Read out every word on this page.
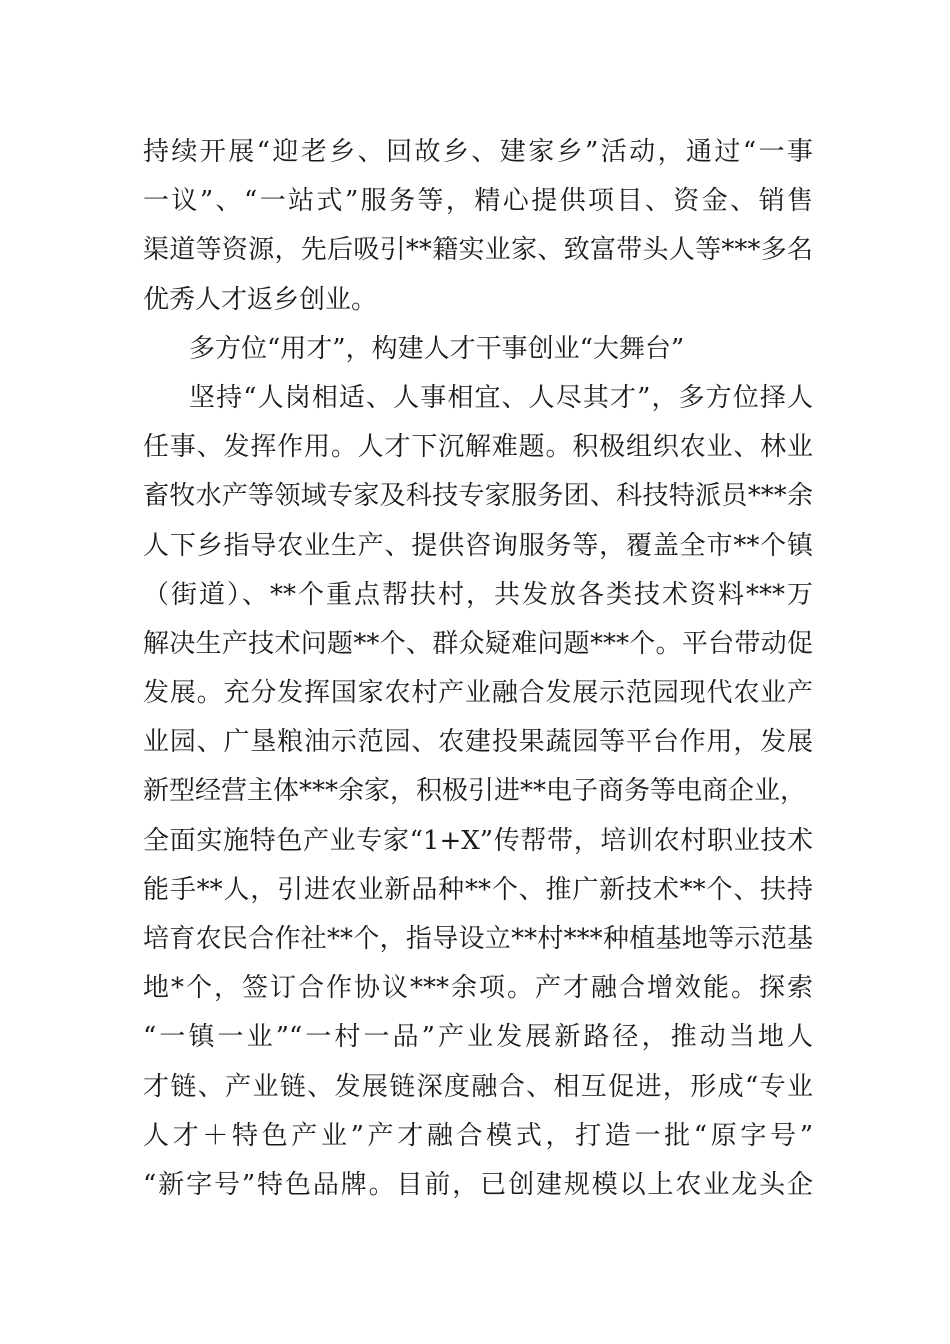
持续开展“迎老乡、回故乡、建家乡”活动，通过“一事
一议”、“一站式”服务等，精心提供项目、资金、销售
渠道等资源，先后吸引**籍实业家、致富带头人等***多名
优秀人才返乡创业。
多方位“用才”，构建人才干事创业“大舞台”
坚持“人岗相适、人事相宜、人尽其才”，多方位择人
任事、发挥作用。人才下沉解难题。积极组织农业、林业
畜牧水产等领域专家及科技专家服务团、科技特派员***余
人下乡指导农业生产、提供咨询服务等，覆盖全市**个镇
（街道）、**个重点帮扶村，共发放各类技术资料***万
解决生产技术问题**个、群众疑难问题***个。平台带动促
发展。充分发挥国家农村产业融合发展示范园现代农业产
业园、广垦粮油示范园、农建投果蔬园等平台作用，发展
新型经营主体***余家，积极引进**电子商务等电商企业，
全面实施特色产业专家“1+X”传帮带，培训农村职业技术
能手**人，引进农业新品种**个、推广新技术**个、扶持
培育农民合作社**个，指导设立**村***种植基地等示范基
地*个，签订合作协议***余项。产才融合增效能。探索
“一镇一业”“一村一品”产业发展新路径，推动当地人
才链、产业链、发展链深度融合、相互促进，形成“专业
人才＋特色产业”产才融合模式，打造一批“原字号”
“新字号”特色品牌。目前，已创建规模以上农业龙头企
